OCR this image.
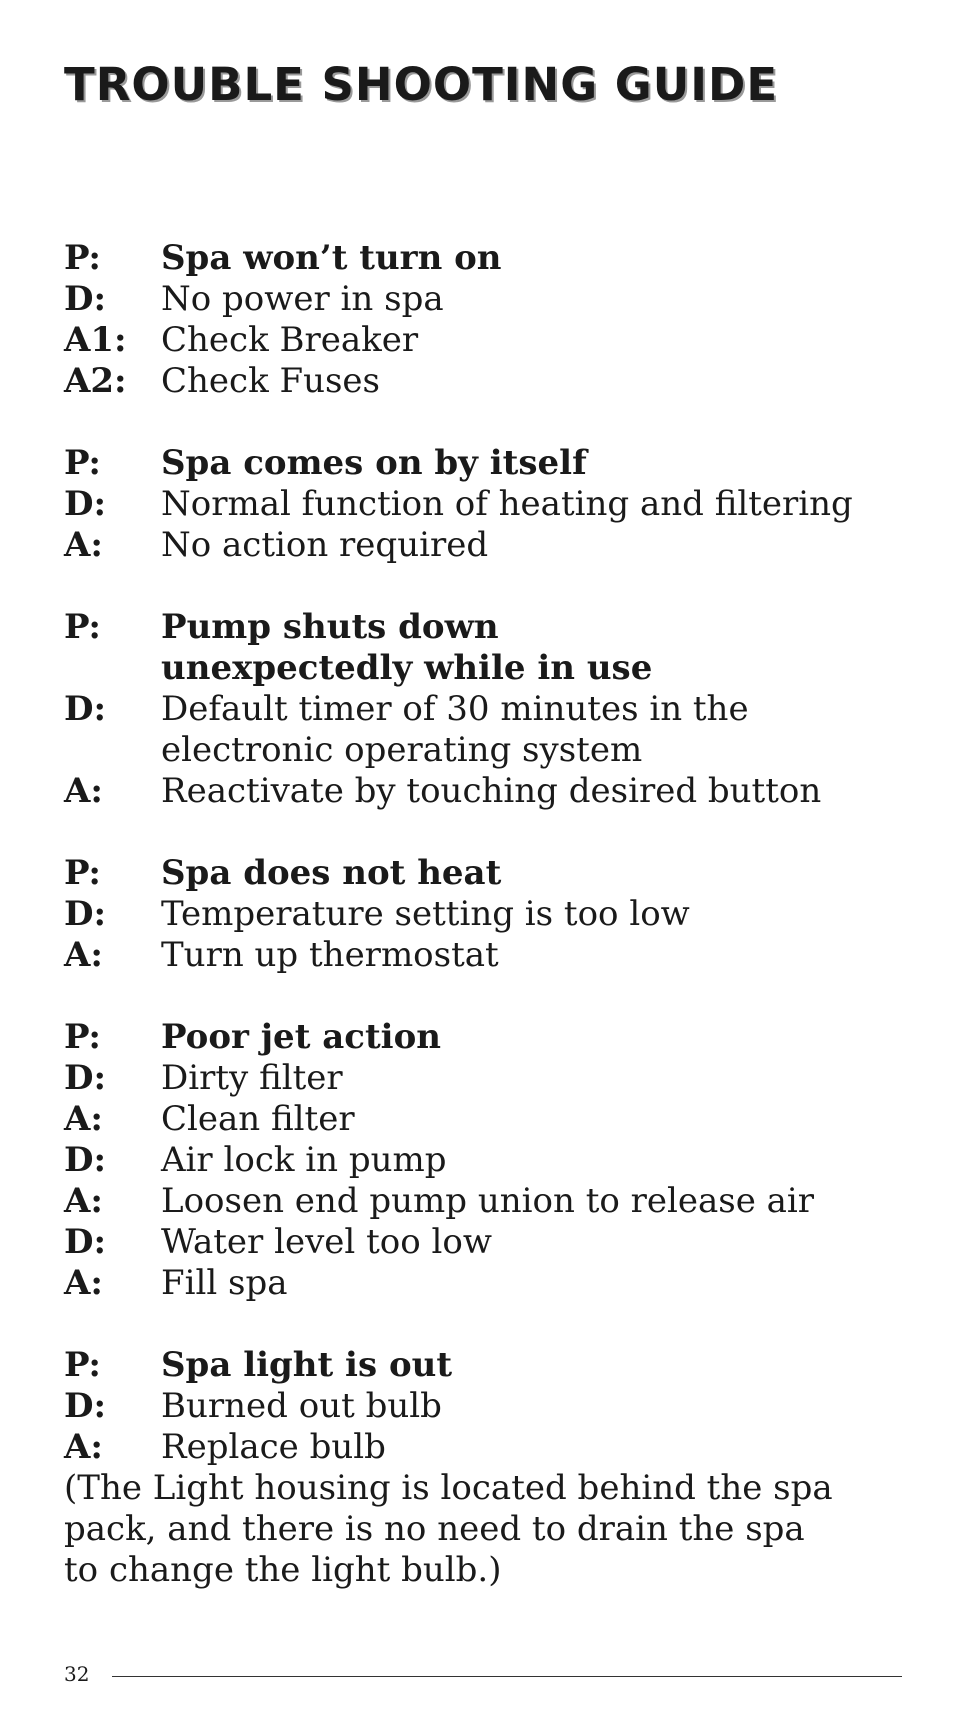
TROUBLE SHOOTING GUIDE
P:	Spa won’t turn on
D:	No power in spa
A1:	Check Breaker
A2:	Check Fuses
P:	Spa comes on by itself
D:	Normal function of heating and filtering
A:	No action required
P:	Pump shuts down unexpectedly while in use
D:	Default timer of 30 minutes in the electronic operating system
A:	Reactivate by touching desired button
P:	Spa does not heat
D:	Temperature setting is too low
A:	Turn up thermostat
P:	Poor jet action
D:	Dirty filter
A:	Clean filter
D:	Air lock in pump
A:	Loosen end pump union to release air
D:	Water level too low
A:	Fill spa
P:	Spa light is out
D:	Burned out bulb
A:	Replace bulb
(The Light housing is located behind the spa pack, and there is no need to drain the spa to change the light bulb.)
32
